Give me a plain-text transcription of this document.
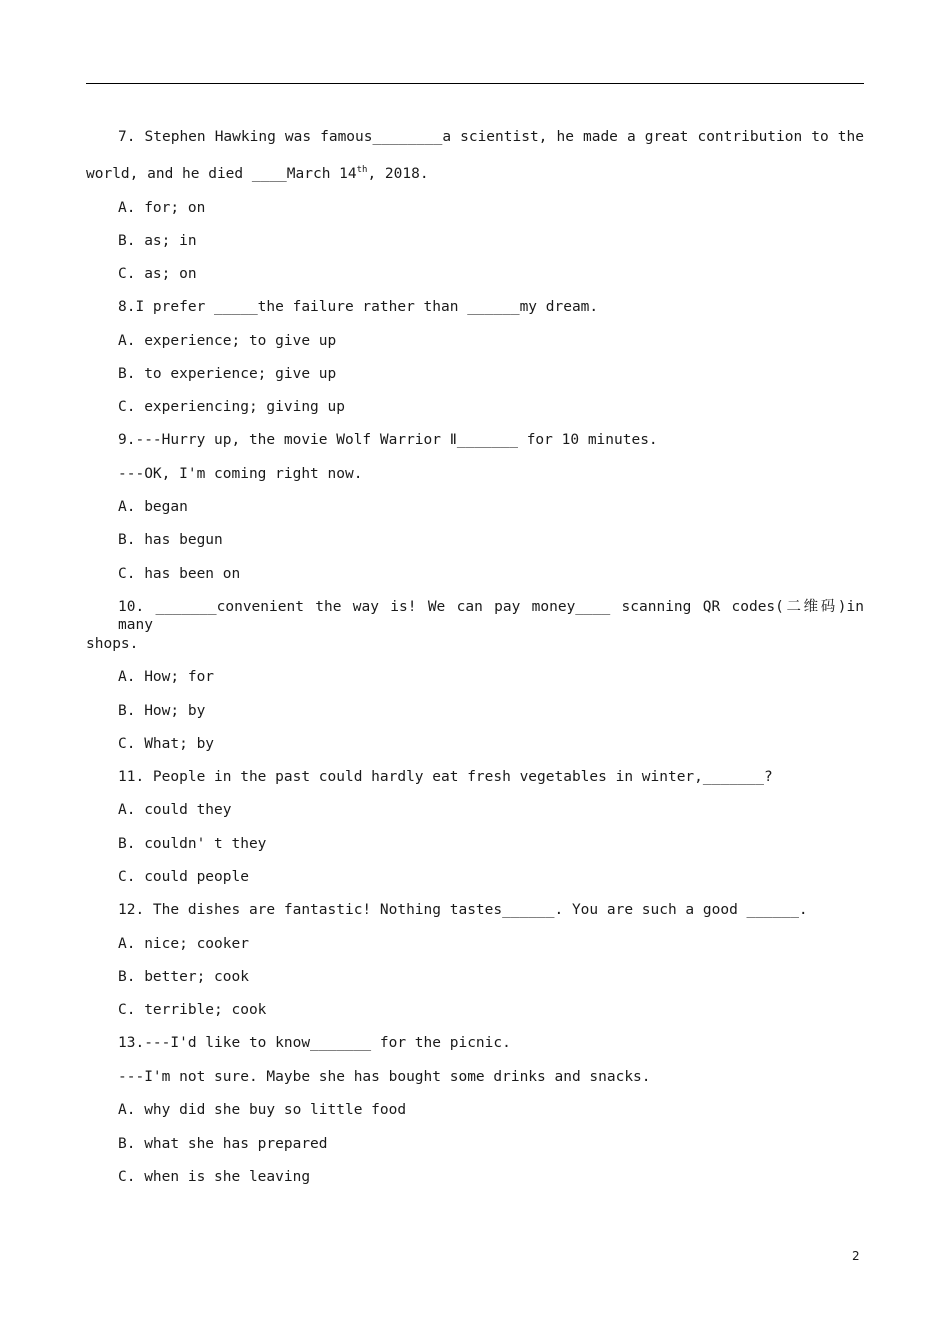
7. Stephen Hawking was famous________a scientist, he made a great contribution to the
world, and he died ____March 14th, 2018.
A. for; on
B. as; in
C. as; on
8.I prefer _____the failure rather than ______my dream.
A. experience; to give up
B. to experience; give up
C. experiencing; giving up
9.---Hurry up, the movie Wolf Warrior Ⅱ_______ for 10 minutes.
---OK, I'm coming right now.
A. began
B. has begun
C. has been on
10. _______convenient the way is! We can pay money____ scanning QR codes(二维码)in many
shops.
A. How; for
B. How; by
C. What; by
11. People in the past could hardly eat fresh vegetables in winter,_______?
A. could they
B. couldn' t they
C. could people
12. The dishes are fantastic! Nothing tastes______. You are such a good ______.
A. nice; cooker
B. better; cook
C. terrible; cook
13.---I'd like to know_______ for the picnic.
---I'm not sure. Maybe she has bought some drinks and snacks.
A. why did she buy so little food
B. what she has prepared
C. when is she leaving
2
